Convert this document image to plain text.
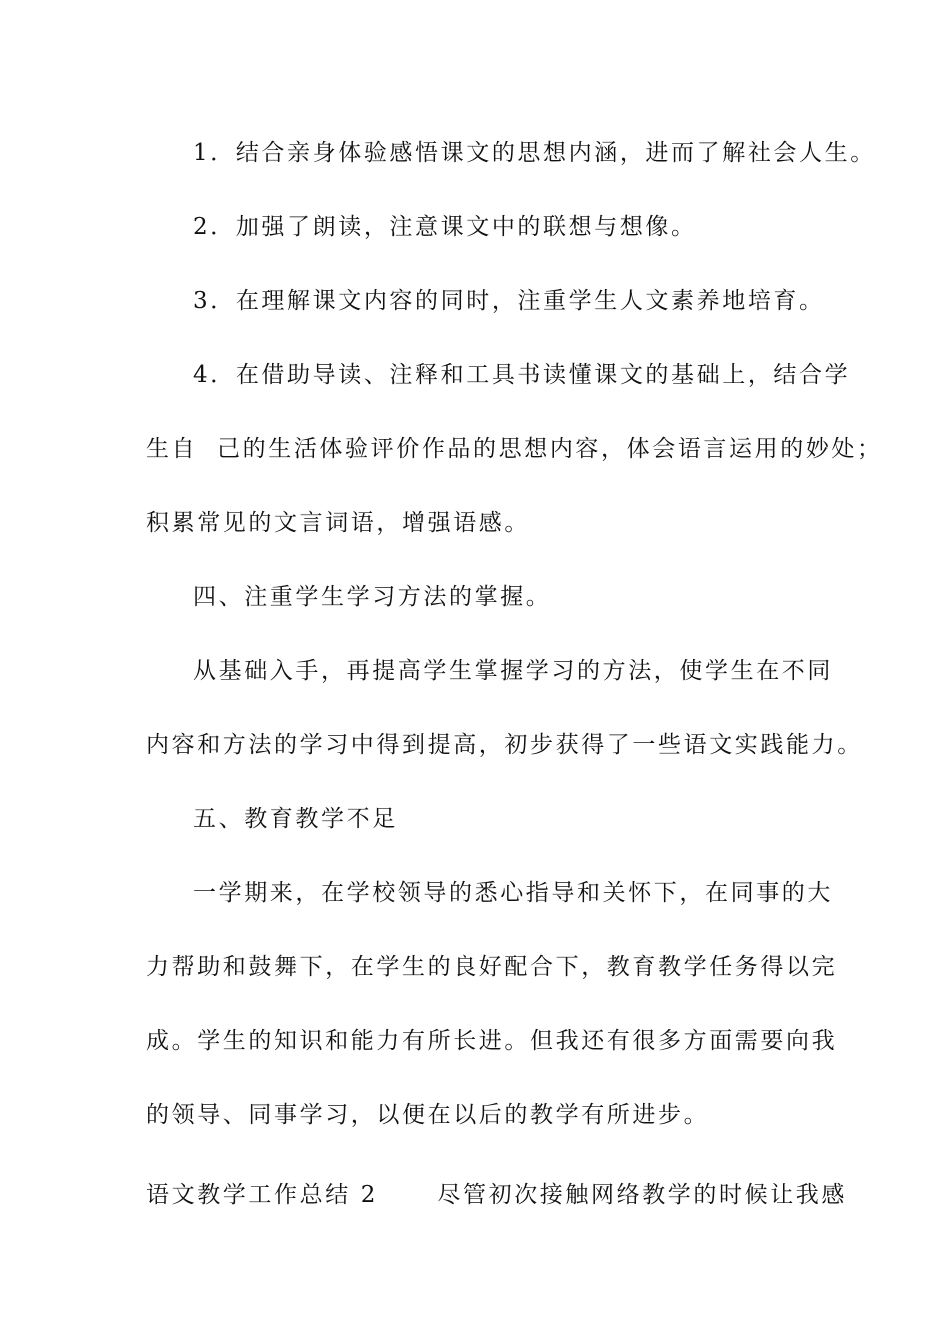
1．结合亲身体验感悟课文的思想内涵，进而了解社会人生。

2．加强了朗读，注意课文中的联想与想像。

3．在理解课文内容的同时，注重学生人文素养地培育。

4．在借助导读、注释和工具书读懂课文的基础上，结合学

生自  己的生活体验评价作品的思想内容，体会语言运用的妙处；

积累常见的文言词语，增强语感。

四、注重学生学习方法的掌握。

从基础入手，再提高学生掌握学习的方法，使学生在不同

内容和方法的学习中得到提高，初步获得了一些语文实践能力。

五、教育教学不足

一学期来，在学校领导的悉心指导和关怀下，在同事的大

力帮助和鼓舞下，在学生的良好配合下，教育教学任务得以完

成。学生的知识和能力有所长进。但我还有很多方面需要向我

的领导、同事学习，以便在以后的教学有所进步。

语文教学工作总结 2      尽管初次接触网络教学的时候让我感
